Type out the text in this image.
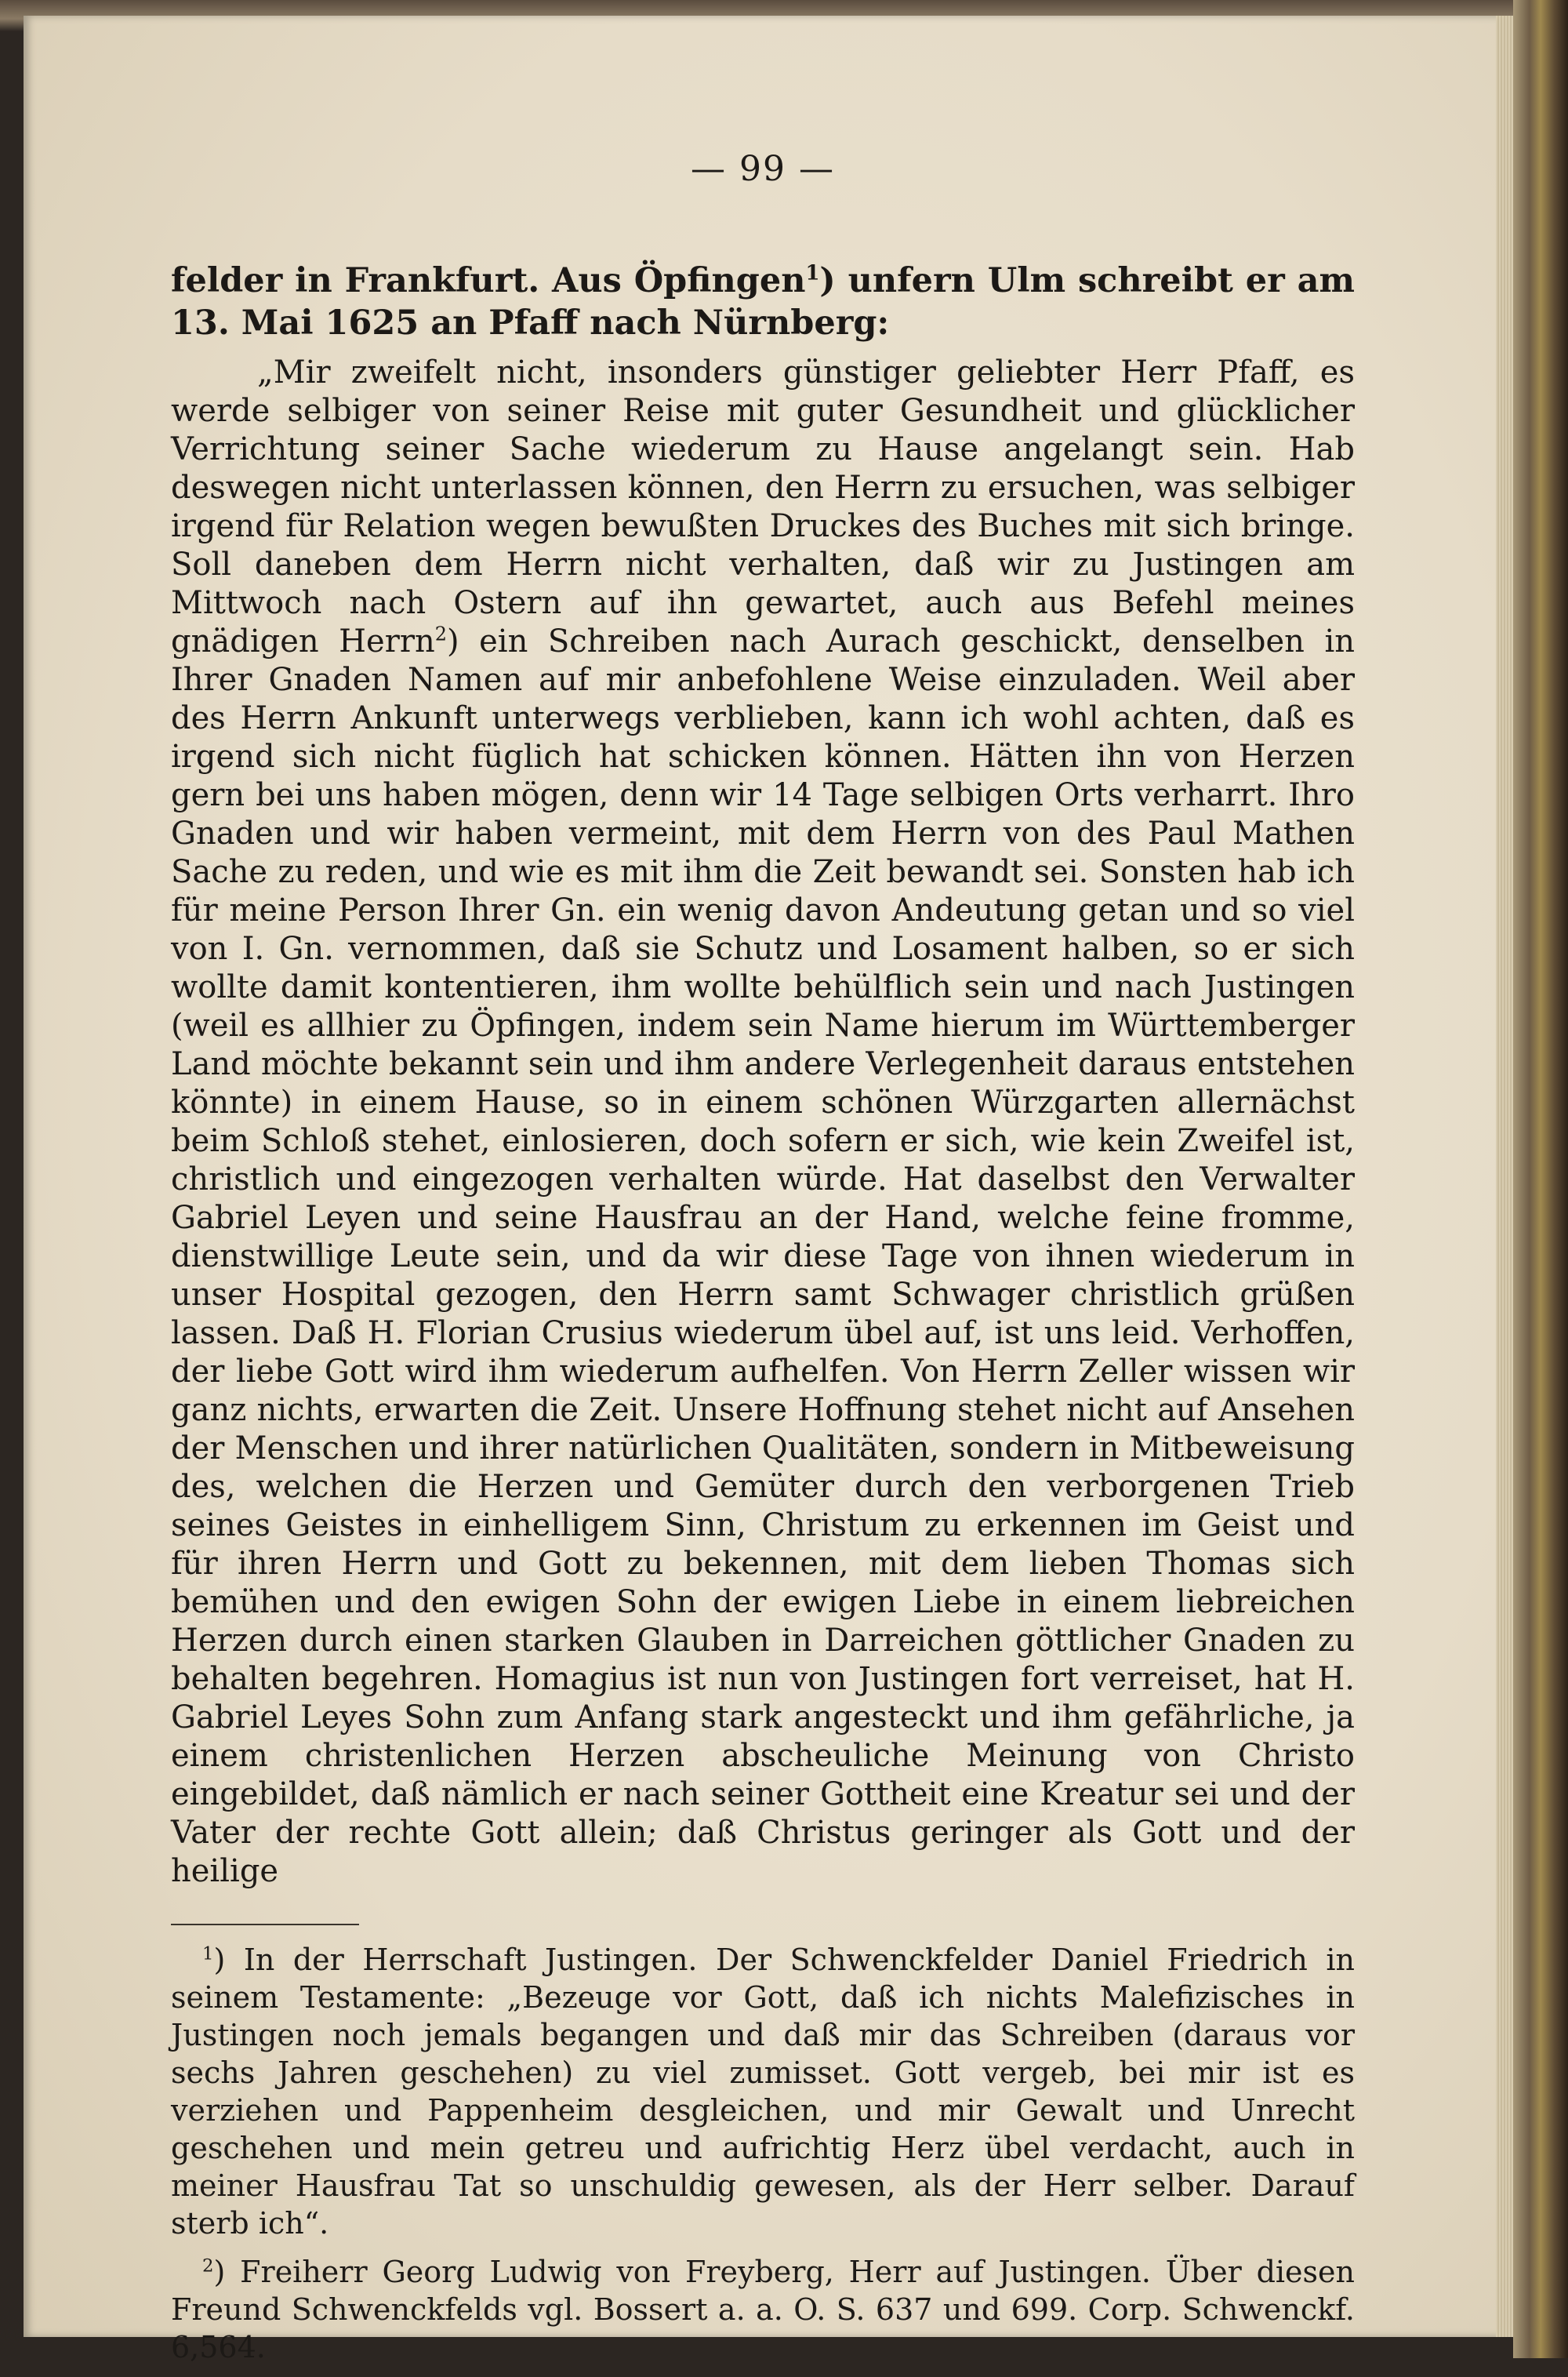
— 99 —

felder in Frankfurt. Aus Öpfingen$^1$) unfern Ulm schreibt er am 13. Mai 1625 an Pfaff nach Nürnberg:

„Mir zweifelt nicht, insonders günstiger geliebter Herr Pfaff, es werde selbiger von seiner Reise mit guter Gesundheit und glücklicher Verrichtung seiner Sache wiederum zu Hause angelangt sein. Hab deswegen nicht unterlassen können, den Herrn zu ersuchen, was selbiger irgend für Relation wegen bewußten Druckes des Buches mit sich bringe. Soll daneben dem Herrn nicht verhalten, daß wir zu Justingen am Mittwoch nach Ostern auf ihn gewartet, auch aus Befehl meines gnädigen Herrn$^2$) ein Schreiben nach Aurach geschickt, denselben in Ihrer Gnaden Namen auf mir anbefohlene Weise einzuladen. Weil aber des Herrn Ankunft unterwegs verblieben, kann ich wohl achten, daß es irgend sich nicht füglich hat schicken können. Hätten ihn von Herzen gern bei uns haben mögen, denn wir 14 Tage selbigen Orts verharrt. Ihro Gnaden und wir haben vermeint, mit dem Herrn von des Paul Mathen Sache zu reden, und wie es mit ihm die Zeit bewandt sei. Sonsten hab ich für meine Person Ihrer Gn. ein wenig davon Andeutung getan und so viel von I. Gn. vernommen, daß sie Schutz und Losament halben, so er sich wollte damit kontentieren, ihm wollte behülflich sein und nach Justingen (weil es allhier zu Öpfingen, indem sein Name hierum im Württemberger Land möchte bekannt sein und ihm andere Verlegenheit daraus entstehen könnte) in einem Hause, so in einem schönen Würzgarten allernächst beim Schloß stehet, einlosieren, doch sofern er sich, wie kein Zweifel ist, christlich und eingezogen verhalten würde. Hat daselbst den Verwalter Gabriel Leyen und seine Hausfrau an der Hand, welche feine fromme, dienstwillige Leute sein, und da wir diese Tage von ihnen wiederum in unser Hospital gezogen, den Herrn samt Schwager christlich grüßen lassen. Daß H. Florian Crusius wiederum übel auf, ist uns leid. Verhoffen, der liebe Gott wird ihm wiederum aufhelfen. Von Herrn Zeller wissen wir ganz nichts, erwarten die Zeit. Unsere Hoffnung stehet nicht auf Ansehen der Menschen und ihrer natürlichen Qualitäten, sondern in Mitbeweisung des, welchen die Herzen und Gemüter durch den verborgenen Trieb seines Geistes in einhelligem Sinn, Christum zu erkennen im Geist und für ihren Herrn und Gott zu bekennen, mit dem lieben Thomas sich bemühen und den ewigen Sohn der ewigen Liebe in einem liebreichen Herzen durch einen starken Glauben in Darreichen göttlicher Gnaden zu behalten begehren. Homagius ist nun von Justingen fort verreiset, hat H. Gabriel Leyes Sohn zum Anfang stark angesteckt und ihm gefährliche, ja einem christenlichen Herzen abscheuliche Meinung von Christo eingebildet, daß nämlich er nach seiner Gottheit eine Kreatur sei und der Vater der rechte Gott allein; daß Christus geringer als Gott und der heilige

$^1$) In der Herrschaft Justingen. Der Schwenckfelder Daniel Friedrich in seinem Testamente: „Bezeuge vor Gott, daß ich nichts Malefizisches in Justingen noch jemals begangen und daß mir das Schreiben (daraus vor sechs Jahren geschehen) zu viel zumisset. Gott vergeb, bei mir ist es verziehen und Pappenheim desgleichen, und mir Gewalt und Unrecht geschehen und mein getreu und aufrichtig Herz übel verdacht, auch in meiner Hausfrau Tat so unschuldig gewesen, als der Herr selber. Darauf sterb ich“.

$^2$) Freiherr Georg Ludwig von Freyberg, Herr auf Justingen. Über diesen Freund Schwenckfelds vgl. Bossert a. a. O. S. 637 und 699. Corp. Schwenckf. 6,564.
